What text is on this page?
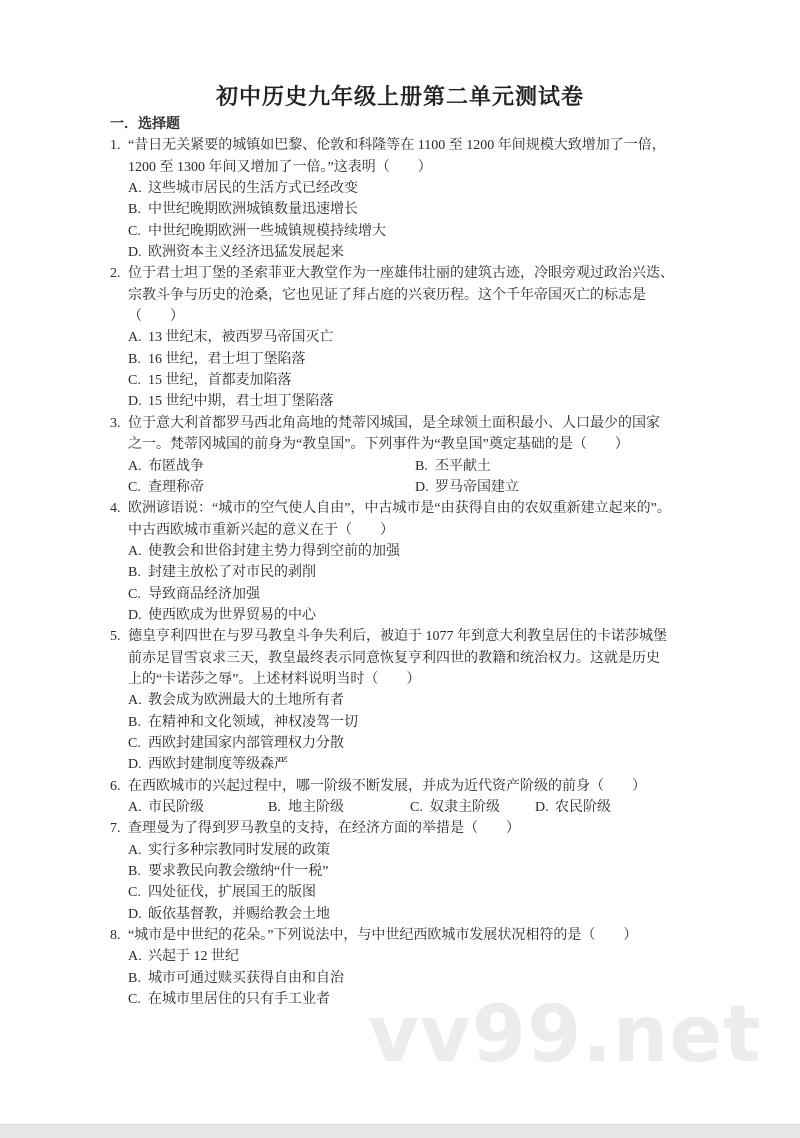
初中历史九年级上册第二单元测试卷
一．选择题
1. “昔日无关紧要的城镇如巴黎、伦敦和科隆等在 1100 至 1200 年间规模大致增加了一倍，
1200 至 1300 年间又增加了一倍。”这表明（　　）
A. 这些城市居民的生活方式已经改变
B. 中世纪晚期欧洲城镇数量迅速增长
C. 中世纪晚期欧洲一些城镇规模持续增大
D. 欧洲资本主义经济迅猛发展起来
2. 位于君士坦丁堡的圣索菲亚大教堂作为一座雄伟壮丽的建筑古迹，冷眼旁观过政治兴迭、
宗教斗争与历史的沧桑，它也见证了拜占庭的兴衰历程。这个千年帝国灭亡的标志是
（　　）
A. 13 世纪末，被西罗马帝国灭亡
B. 16 世纪，君士坦丁堡陷落
C. 15 世纪，首都麦加陷落
D. 15 世纪中期，君士坦丁堡陷落
3. 位于意大利首都罗马西北角高地的梵蒂冈城国，是全球领土面积最小、人口最少的国家
之一。梵蒂冈城国的前身为“教皇国”。下列事件为“教皇国”奠定基础的是（　　）
A. 布匿战争	B. 丕平献土
C. 查理称帝	D. 罗马帝国建立
4. 欧洲谚语说：“城市的空气使人自由”，中古城市是“由获得自由的农奴重新建立起来的”。
中古西欧城市重新兴起的意义在于（　　）
A. 使教会和世俗封建主势力得到空前的加强
B. 封建主放松了对市民的剥削
C. 导致商品经济加强
D. 使西欧成为世界贸易的中心
5. 德皇亨利四世在与罗马教皇斗争失利后，被迫于 1077 年到意大利教皇居住的卡诺莎城堡
前赤足冒雪哀求三天，教皇最终表示同意恢复亨利四世的教籍和统治权力。这就是历史
上的“卡诺莎之辱”。上述材料说明当时（　　）
A. 教会成为欧洲最大的土地所有者
B. 在精神和文化领域，神权凌驾一切
C. 西欧封建国家内部管理权力分散
D. 西欧封建制度等级森严
6. 在西欧城市的兴起过程中，哪一阶级不断发展，并成为近代资产阶级的前身（　　）
A. 市民阶级	B. 地主阶级	C. 奴隶主阶级	D. 农民阶级
7. 查理曼为了得到罗马教皇的支持，在经济方面的举措是（　　）
A. 实行多种宗教同时发展的政策
B. 要求教民向教会缴纳“什一税”
C. 四处征伐，扩展国王的版图
D. 皈依基督教，并赐给教会土地
8. “城市是中世纪的花朵。”下列说法中，与中世纪西欧城市发展状况相符的是（　　）
A. 兴起于 12 世纪
B. 城市可通过赎买获得自由和自治
C. 在城市里居住的只有手工业者 vv99.net
